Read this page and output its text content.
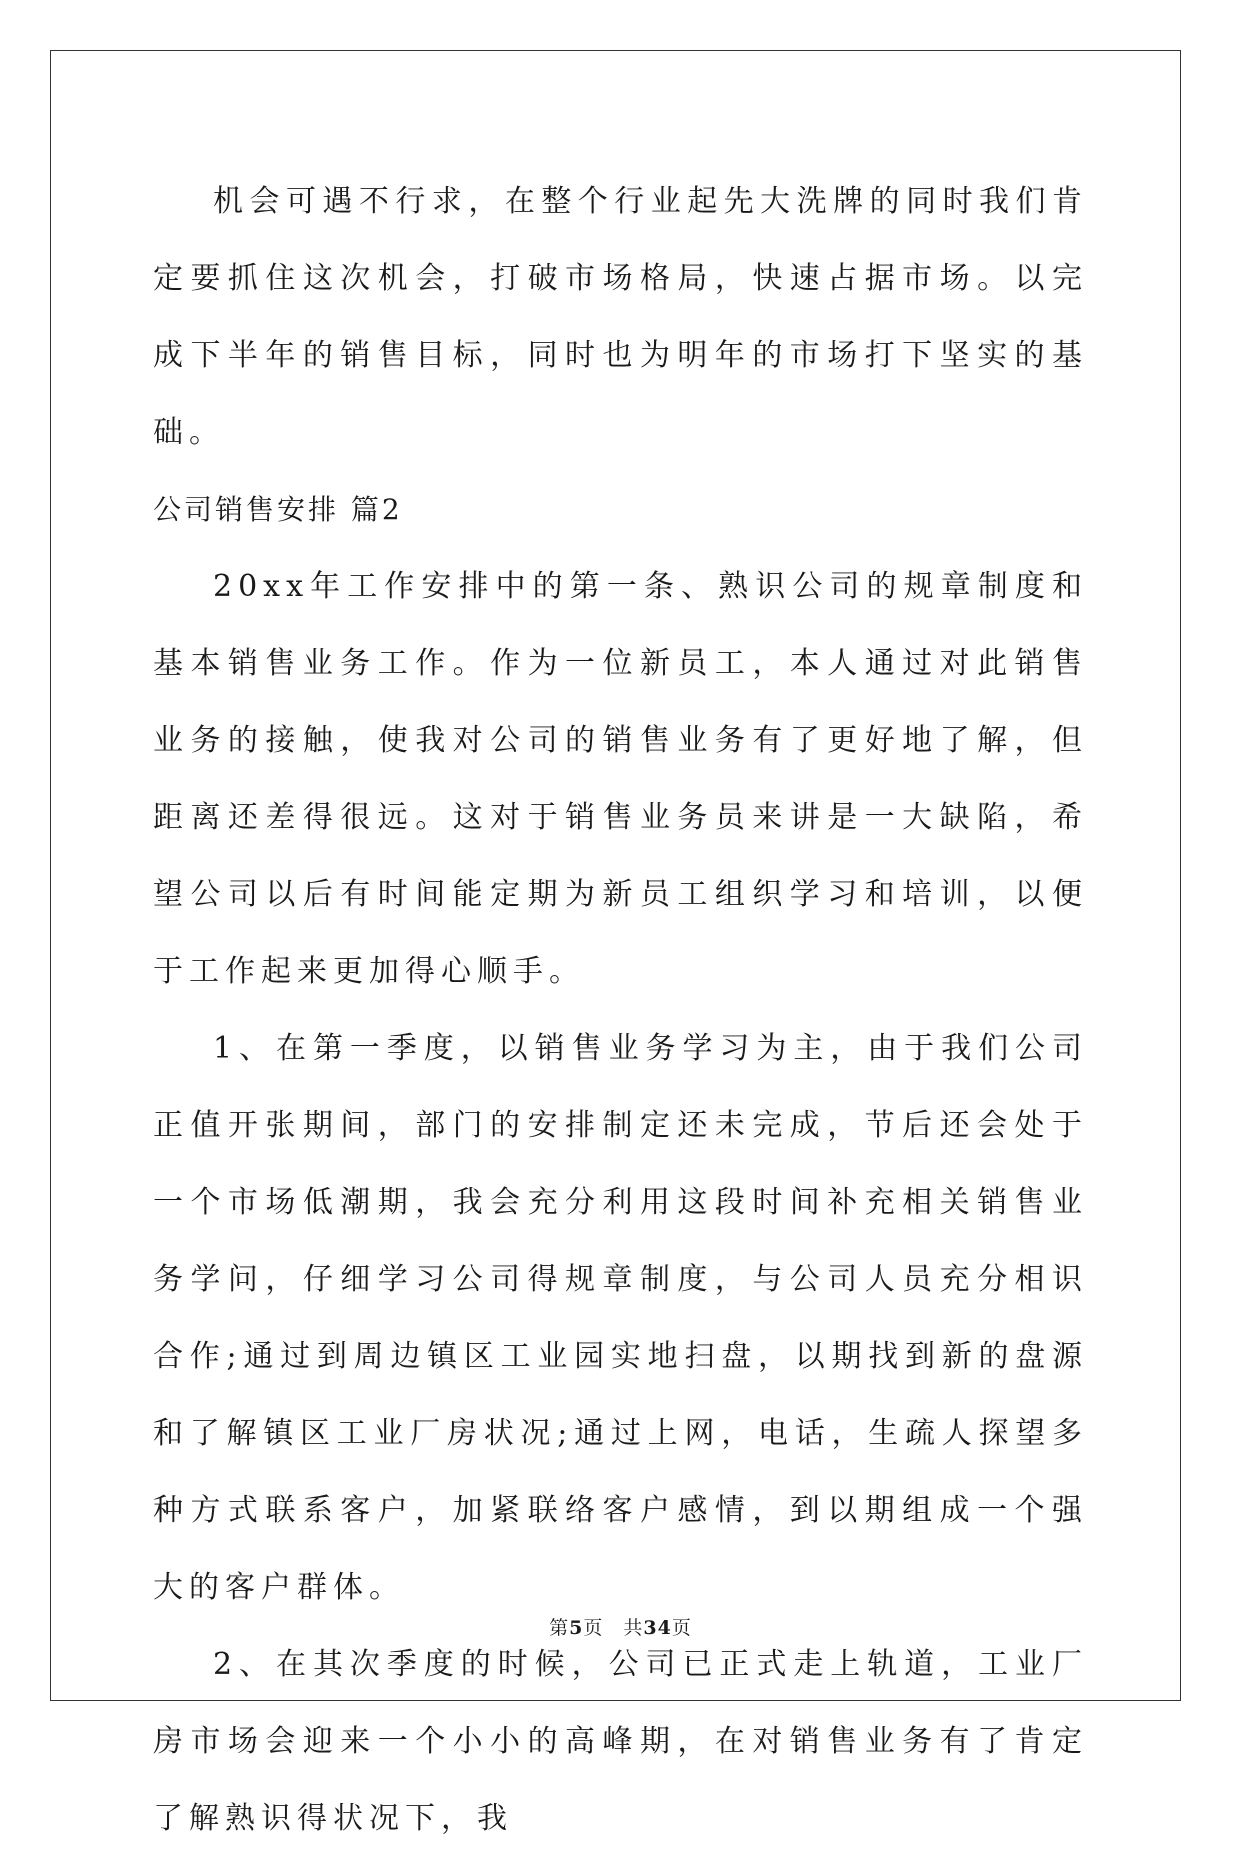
机会可遇不行求，在整个行业起先大洗牌的同时我们肯定要抓住这次机会，打破市场格局，快速占据市场。以完成下半年的销售目标，同时也为明年的市场打下坚实的基础。

公司销售安排 篇2

20xx年工作安排中的第一条、熟识公司的规章制度和基本销售业务工作。作为一位新员工，本人通过对此销售业务的接触，使我对公司的销售业务有了更好地了解，但距离还差得很远。这对于销售业务员来讲是一大缺陷，希望公司以后有时间能定期为新员工组织学习和培训，以便于工作起来更加得心顺手。

1、在第一季度，以销售业务学习为主，由于我们公司正值开张期间，部门的安排制定还未完成，节后还会处于一个市场低潮期，我会充分利用这段时间补充相关销售业务学问，仔细学习公司得规章制度，与公司人员充分相识合作;通过到周边镇区工业园实地扫盘，以期找到新的盘源和了解镇区工业厂房状况;通过上网，电话，生疏人探望多种方式联系客户，加紧联络客户感情，到以期组成一个强大的客户群体。

2、在其次季度的时候，公司已正式走上轨道，工业厂房市场会迎来一个小小的高峰期，在对销售业务有了肯定了解熟识得状况下，我

第5页 共34页
